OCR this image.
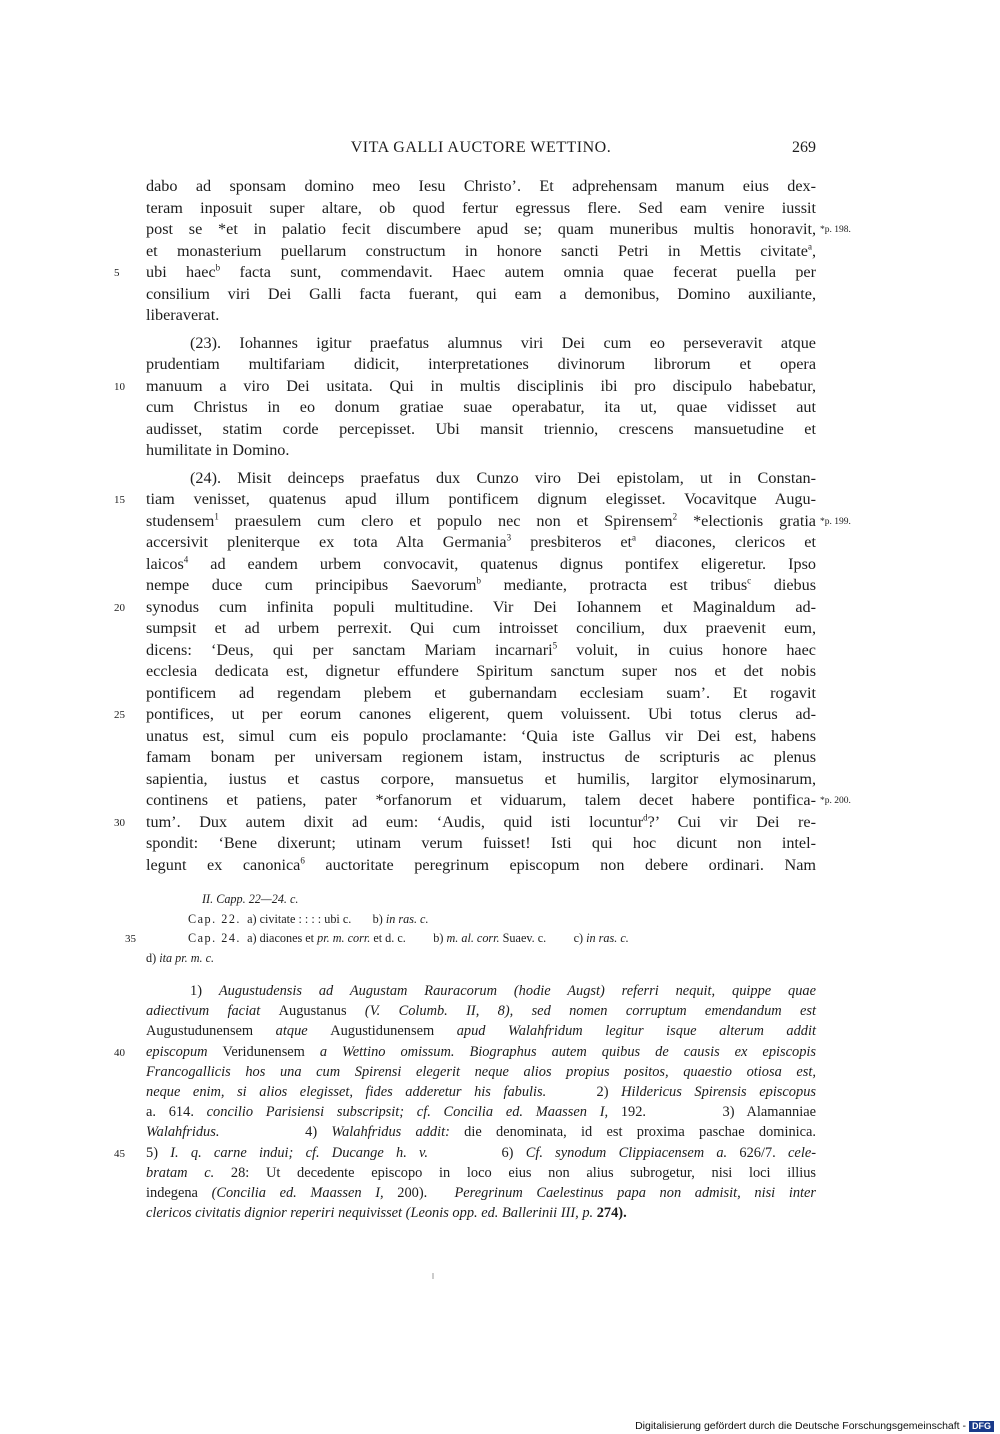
VITA GALLI AUCTORE WETTINO.	269
dabo ad sponsam domino meo Iesu Christo’. Et adprehensam manum eius dex-
teram inposuit super altare, ob quod fertur egressus flere. Sed eam venire iussit
post se *et in palatio fecit discumbere apud se; quam muneribus multis honoravit, *p. 198.
et monasterium puellarum constructum in honore sancti Petri in Mettis civitate$^a$,
5	ubi haec$^b$ facta sunt, commendavit. Haec autem omnia quae fecerat puella per
consilium viri Dei Galli facta fuerant, qui eam a demonibus, Domino auxiliante,
liberaverat.
(23). Iohannes igitur praefatus alumnus viri Dei cum eo perseveravit atque
prudentiam multifariam didicit, interpretationes divinorum librorum et opera
10	manuum a viro Dei usitata. Qui in multis disciplinis ibi pro discipulo habebatur,
cum Christus in eo donum gratiae suae operabatur, ita ut, quae vidisset aut
audisset, statim corde percepisset. Ubi mansit triennio, crescens mansuetudine et
humilitate in Domino.
(24). Misit deinceps praefatus dux Cunzo viro Dei epistolam, ut in Constan-
15	tiam venisset, quatenus apud illum pontificem dignum elegisset. Vocavitque Augu-
studensem$^1$ praesulem cum clero et populo nec non et Spirensem$^2$ *electionis gratia *p. 199.
accersivit pleniterque ex tota Alta Germania$^3$ presbiteros $et^a$ diacones, clericos et
laicos$^4$ ad eandem urbem convocavit, quatenus dignus pontifex eligeretur. Ipso
nempe duce cum principibus Saevorum$^b$ mediante, protracta est tribus$^c$ diebus
20	synodus cum infinita populi multitudine. Vir Dei Iohannem et Maginaldum ad-
sumpsit et ad urbem perrexit. Qui cum introisset concilium, dux praevenit eum,
dicens: ‘Deus, qui per sanctam Mariam incarnari$^5$ voluit, in cuius honore haec
ecclesia dedicata est, dignetur effundere Spiritum sanctum super nos et det nobis
pontificem ad regendam plebem et gubernandam ecclesiam suam’. Et rogavit
25	pontifices, ut per eorum canones eligerent, quem voluissent. Ubi totus clerus ad-
unatus est, simul cum eis populo proclamante: ‘Quia iste Gallus vir Dei est, habens
famam bonam per universam regionem istam, instructus de scripturis ac plenus
sapientia, iustus et castus corpore, mansuetus et humilis, largitor elymosinarum,
continens et patiens, pater *orfanorum et viduarum, talem decet habere pontifica- *p. 200.
30	tum’. Dux autem dixit ad eum: ‘Audis, quid isti locuntur$^d$?’ Cui vir Dei re-
spondit: ‘Bene dixerunt; utinam verum fuisset! Isti qui hoc dicunt non intel-
legunt ex canonica$^6$ auctoritate peregrinum episcopum non debere ordinari. Nam
II. Capp. 22—24. c.
Cap. 22. a) civitate : : : : ubi c. b) in ras. c.
35	Cap. 24. a) diacones et pr. m. corr. et d. c. b) m. al. corr. Suaev. c. c) in ras. c.
d) ita pr. m. c.
1) Augustudensis ad Augustam Rauracorum (hodie Augst) referri nequit, quippe quae
adiectivum faciat Augustanus (V. Columb. II, 8), sed nomen corruptum emendandum est
Augustudunensem atque Augustidunensem apud Walahfridum legitur isque alterum addit
40	episcopum Veridunensem a Wettino omissum. Biographus autem quibus de causis ex episcopis
Francogallicis hos una cum Spirensi elegerit neque alios propius positos, quaestio otiosa est,
neque enim, si alios elegisset, fides adderetur his fabulis.    2) Hildericus Spirensis episcopus
a. 614. concilio Parisiensi subscripsit; cf. Concilia ed. Maassen I, 192.      3) Alamanniae
Walahfridus.      4) Walahfridus addit: die denominata, id est proxima paschae dominica.
45	5) I. q. carne indui; cf. Ducange h. v.      6) Cf. synodum Clippiacensem a. 626/7. cele-
bratam c. 28: Ut decedente episcopo in loco eius non alius subrogetur, nisi loci illius
indegena (Concilia ed. Maassen I, 200).  Peregrinum Caelestinus papa non admisit, nisi inter
clericos civitatis dignior reperiri nequivisset (Leonis opp. ed. Ballerinii III, p. 274).
Digitalisierung gefördert durch die Deutsche Forschungsgemeinschaft - DFG
